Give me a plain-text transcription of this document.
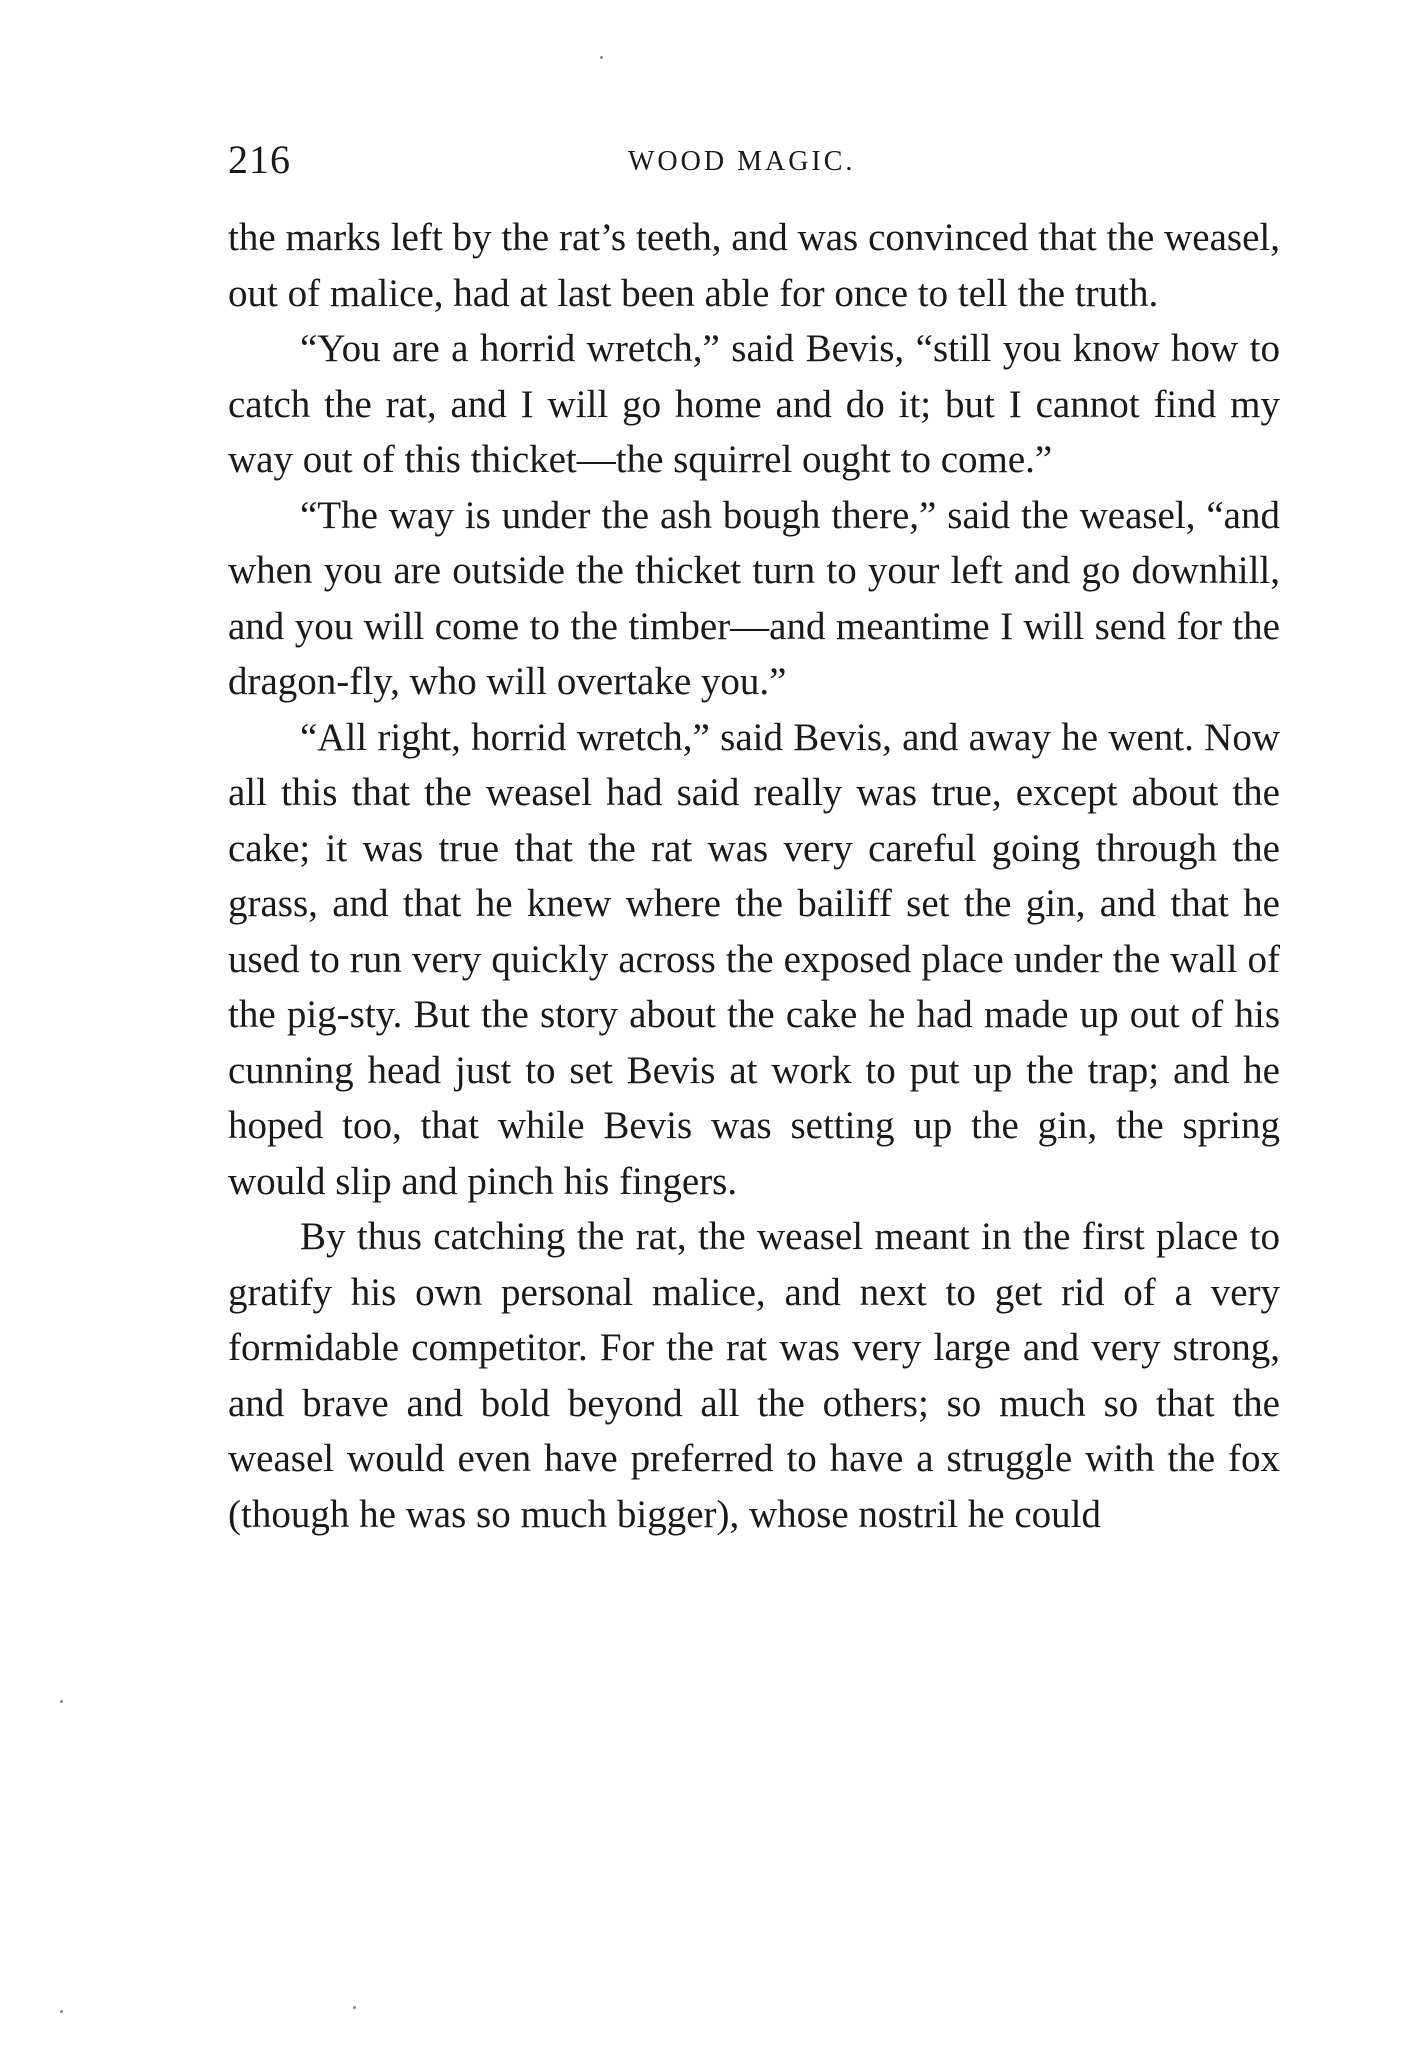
216	WOOD MAGIC.

the marks left by the rat’s teeth, and was convinced that the weasel, out of malice, had at last been able for once to tell the truth.

“You are a horrid wretch,” said Bevis, “still you know how to catch the rat, and I will go home and do it; but I cannot find my way out of this thicket—the squirrel ought to come.”

“The way is under the ash bough there,” said the weasel, “and when you are outside the thicket turn to your left and go downhill, and you will come to the timber—and meantime I will send for the dragon-fly, who will overtake you.”

“All right, horrid wretch,” said Bevis, and away he went. Now all this that the weasel had said really was true, except about the cake; it was true that the rat was very careful going through the grass, and that he knew where the bailiff set the gin, and that he used to run very quickly across the exposed place under the wall of the pig-sty. But the story about the cake he had made up out of his cunning head just to set Bevis at work to put up the trap; and he hoped too, that while Bevis was setting up the gin, the spring would slip and pinch his fingers.

By thus catching the rat, the weasel meant in the first place to gratify his own personal malice, and next to get rid of a very formidable competitor. For the rat was very large and very strong, and brave and bold beyond all the others; so much so that the weasel would even have preferred to have a struggle with the fox (though he was so much bigger), whose nostril he could
